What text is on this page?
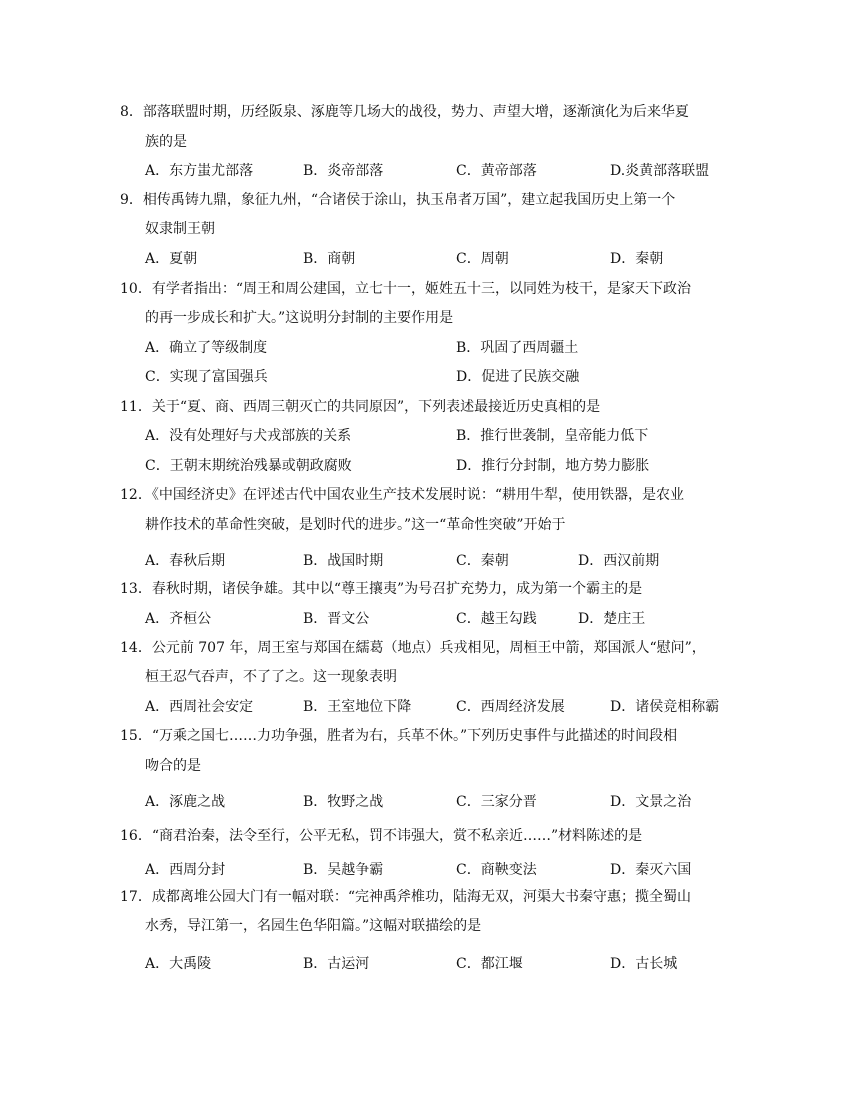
8．部落联盟时期，历经阪泉、涿鹿等几场大的战役，势力、声望大增，逐渐演化为后来华夏
族的是
A．东方蚩尤部落	B．炎帝部落	C．黄帝部落	D.炎黄部落联盟
9．相传禹铸九鼎，象征九州，“合诸侯于涂山，执玉帛者万国”，建立起我国历史上第一个
奴隶制王朝
A．夏朝	B．商朝	C．周朝	D．秦朝
10．有学者指出：“周王和周公建国，立七十一，姬姓五十三，以同姓为枝干，是家天下政治
的再一步成长和扩大。”这说明分封制的主要作用是
A．确立了等级制度	B．巩固了西周疆土
C．实现了富国强兵	D．促进了民族交融
11．关于“夏、商、西周三朝灭亡的共同原因”，下列表述最接近历史真相的是
A．没有处理好与犬戎部族的关系	B．推行世袭制，皇帝能力低下
C．王朝末期统治残暴或朝政腐败	D．推行分封制，地方势力膨胀
12．《中国经济史》在评述古代中国农业生产技术发展时说：“耕用牛犁，使用铁器，是农业
耕作技术的革命性突破，是划时代的进步。”这一“革命性突破”开始于
A．春秋后期	B．战国时期	C．秦朝	D．西汉前期
13．春秋时期，诸侯争雄。其中以“尊王攘夷”为号召扩充势力，成为第一个霸主的是
A．齐桓公	B．晋文公	C．越王勾践	D．楚庄王
14．公元前 707 年，周王室与郑国在繻葛（地点）兵戎相见，周桓王中箭，郑国派人“慰问”，
桓王忍气吞声，不了了之。这一现象表明
A．西周社会安定	B．王室地位下降	C．西周经济发展	D．诸侯竞相称霸
15．“万乘之国七……力功争强，胜者为右，兵革不休。”下列历史事件与此描述的时间段相
吻合的是
A．涿鹿之战	B．牧野之战	C．三家分晋	D．文景之治
16．“商君治秦，法令至行，公平无私，罚不讳强大，赏不私亲近……”材料陈述的是
A．西周分封	B．吴越争霸	C．商鞅变法	D．秦灭六国
17．成都离堆公园大门有一幅对联：“完神禹斧椎功，陆海无双，河渠大书秦守惠；揽全蜀山
水秀，导江第一，名园生色华阳篇。”这幅对联描绘的是
A．大禹陵	B．古运河	C．都江堰	D．古长城
